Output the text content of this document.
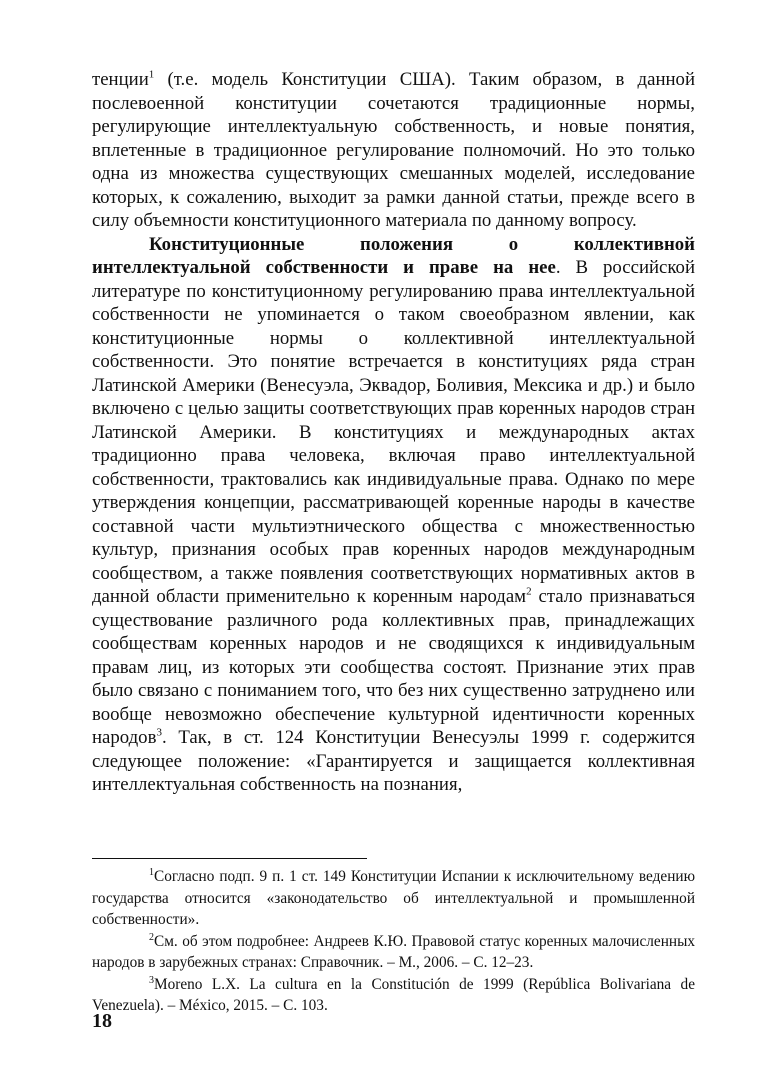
тенции$^1$ (т.е. модель Конституции США). Таким образом, в данной послевоенной конституции сочетаются традиционные нормы, регулирующие интеллектуальную собственность, и новые понятия, вплетенные в традиционное регулирование полномочий. Но это только одна из множества существующих смешанных моделей, исследование которых, к сожалению, выходит за рамки данной статьи, прежде всего в силу объемности конституционного материала по данному вопросу.

Конституционные положения о коллективной интеллектуальной собственности и праве на нее. В российской литературе по конституционному регулированию права интеллектуальной собственности не упоминается о таком своеобразном явлении, как конституционные нормы о коллективной интеллектуальной собственности. Это понятие встречается в конституциях ряда стран Латинской Америки (Венесуэла, Эквадор, Боливия, Мексика и др.) и было включено с целью защиты соответствующих прав коренных народов стран Латинской Америки. В конституциях и международных актах традиционно права человека, включая право интеллектуальной собственности, трактовались как индивидуальные права. Однако по мере утверждения концепции, рассматривающей коренные народы в качестве составной части мультиэтнического общества с множественностью культур, признания особых прав коренных народов международным сообществом, а также появления соответствующих нормативных актов в данной области применительно к коренным народам$^2$ стало признаваться существование различного рода коллективных прав, принадлежащих сообществам коренных народов и не сводящихся к индивидуальным правам лиц, из которых эти сообщества состоят. Признание этих прав было связано с пониманием того, что без них существенно затруднено или вообще невозможно обеспечение культурной идентичности коренных народов$^3$. Так, в ст. 124 Конституции Венесуэлы 1999 г. содержится следующее положение: «Гарантируется и защищается коллективная интеллектуальная собственность на познания,

$^1$Согласно подп. 9 п. 1 ст. 149 Конституции Испании к исключительному ведению государства относится «законодательство об интеллектуальной и промышленной собственности».

$^2$См. об этом подробнее: Андреев К.Ю. Правовой статус коренных малочисленных народов в зарубежных странах: Справочник. – М., 2006. – С. 12–23.

$^3$Moreno L.X. La cultura en la Constitución de 1999 (República Bolivariana de Venezuela). – México, 2015. – С. 103.

18
